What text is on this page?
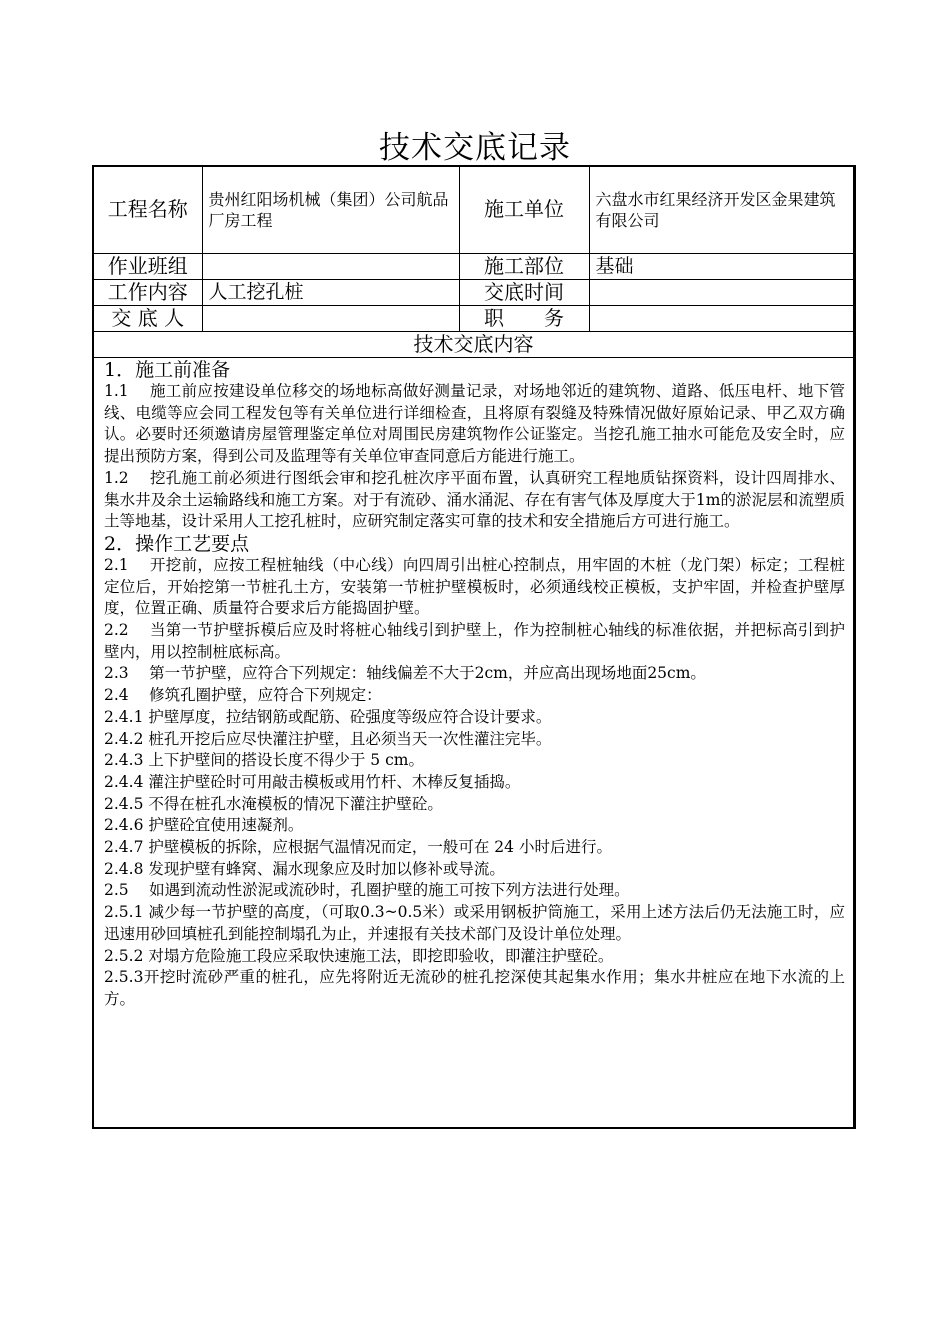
技术交底记录
工程名称	贵州红阳场机械（集团）公司航品厂房工程	施工单位	六盘水市红果经济开发区金果建筑有限公司
作业班组		施工部位	基础
工作内容	人工挖孔桩	交底时间	
交 底 人		职　　务	
技术交底内容			

1．施工前准备

1.1　 施工前应按建设单位移交的场地标高做好测量记录，对场地邻近的建筑物、道路、低压电杆、地下管线、电缆等应会同工程发包等有关单位进行详细检查，且将原有裂缝及特殊情况做好原始记录、甲乙双方确认。必要时还须邀请房屋管理鉴定单位对周围民房建筑物作公证鉴定。当挖孔施工抽水可能危及安全时，应提出预防方案，得到公司及监理等有关单位审查同意后方能进行施工。

1.2　 挖孔施工前必须进行图纸会审和挖孔桩次序平面布置，认真研究工程地质钻探资料，设计四周排水、集水井及余土运输路线和施工方案。对于有流砂、涌水涌泥、存在有害气体及厚度大于1m的淤泥层和流塑质土等地基，设计采用人工挖孔桩时，应研究制定落实可靠的技术和安全措施后方可进行施工。

2．操作工艺要点

2.1　 开挖前，应按工程桩轴线（中心线）向四周引出桩心控制点，用牢固的木桩（龙门架）标定；工程桩定位后，开始挖第一节桩孔土方，安装第一节桩护壁模板时，必须通线校正模板，支护牢固，并检查护壁厚度，位置正确、质量符合要求后方能捣固护壁。

2.2　 当第一节护壁拆模后应及时将桩心轴线引到护壁上，作为控制桩心轴线的标准依据，并把标高引到护壁内，用以控制桩底标高。

2.3　 第一节护壁，应符合下列规定：轴线偏差不大于2cm，并应高出现场地面25cm。

2.4　 修筑孔圈护壁，应符合下列规定：

2.4.1 护壁厚度，拉结钢筋或配筋、砼强度等级应符合设计要求。

2.4.2 桩孔开挖后应尽快灌注护壁，且必须当天一次性灌注完毕。

2.4.3 上下护壁间的搭设长度不得少于 5 cm。

2.4.4 灌注护壁砼时可用敲击模板或用竹杆、木棒反复插捣。

2.4.5 不得在桩孔水淹模板的情况下灌注护壁砼。

2.4.6 护壁砼宜使用速凝剂。

2.4.7 护壁模板的拆除，应根据气温情况而定，一般可在 24 小时后进行。

2.4.8 发现护壁有蜂窝、漏水现象应及时加以修补或导流。

2.5　 如遇到流动性淤泥或流砂时，孔圈护壁的施工可按下列方法进行处理。

2.5.1 减少每一节护壁的高度，（可取0.3~0.5米）或采用钢板护筒施工，采用上述方法后仍无法施工时，应迅速用砂回填桩孔到能控制塌孔为止，并速报有关技术部门及设计单位处理。

2.5.2 对塌方危险施工段应采取快速施工法，即挖即验收，即灌注护壁砼。

2.5.3开挖时流砂严重的桩孔，应先将附近无流砂的桩孔挖深使其起集水作用；集水井桩应在地下水流的上方。
